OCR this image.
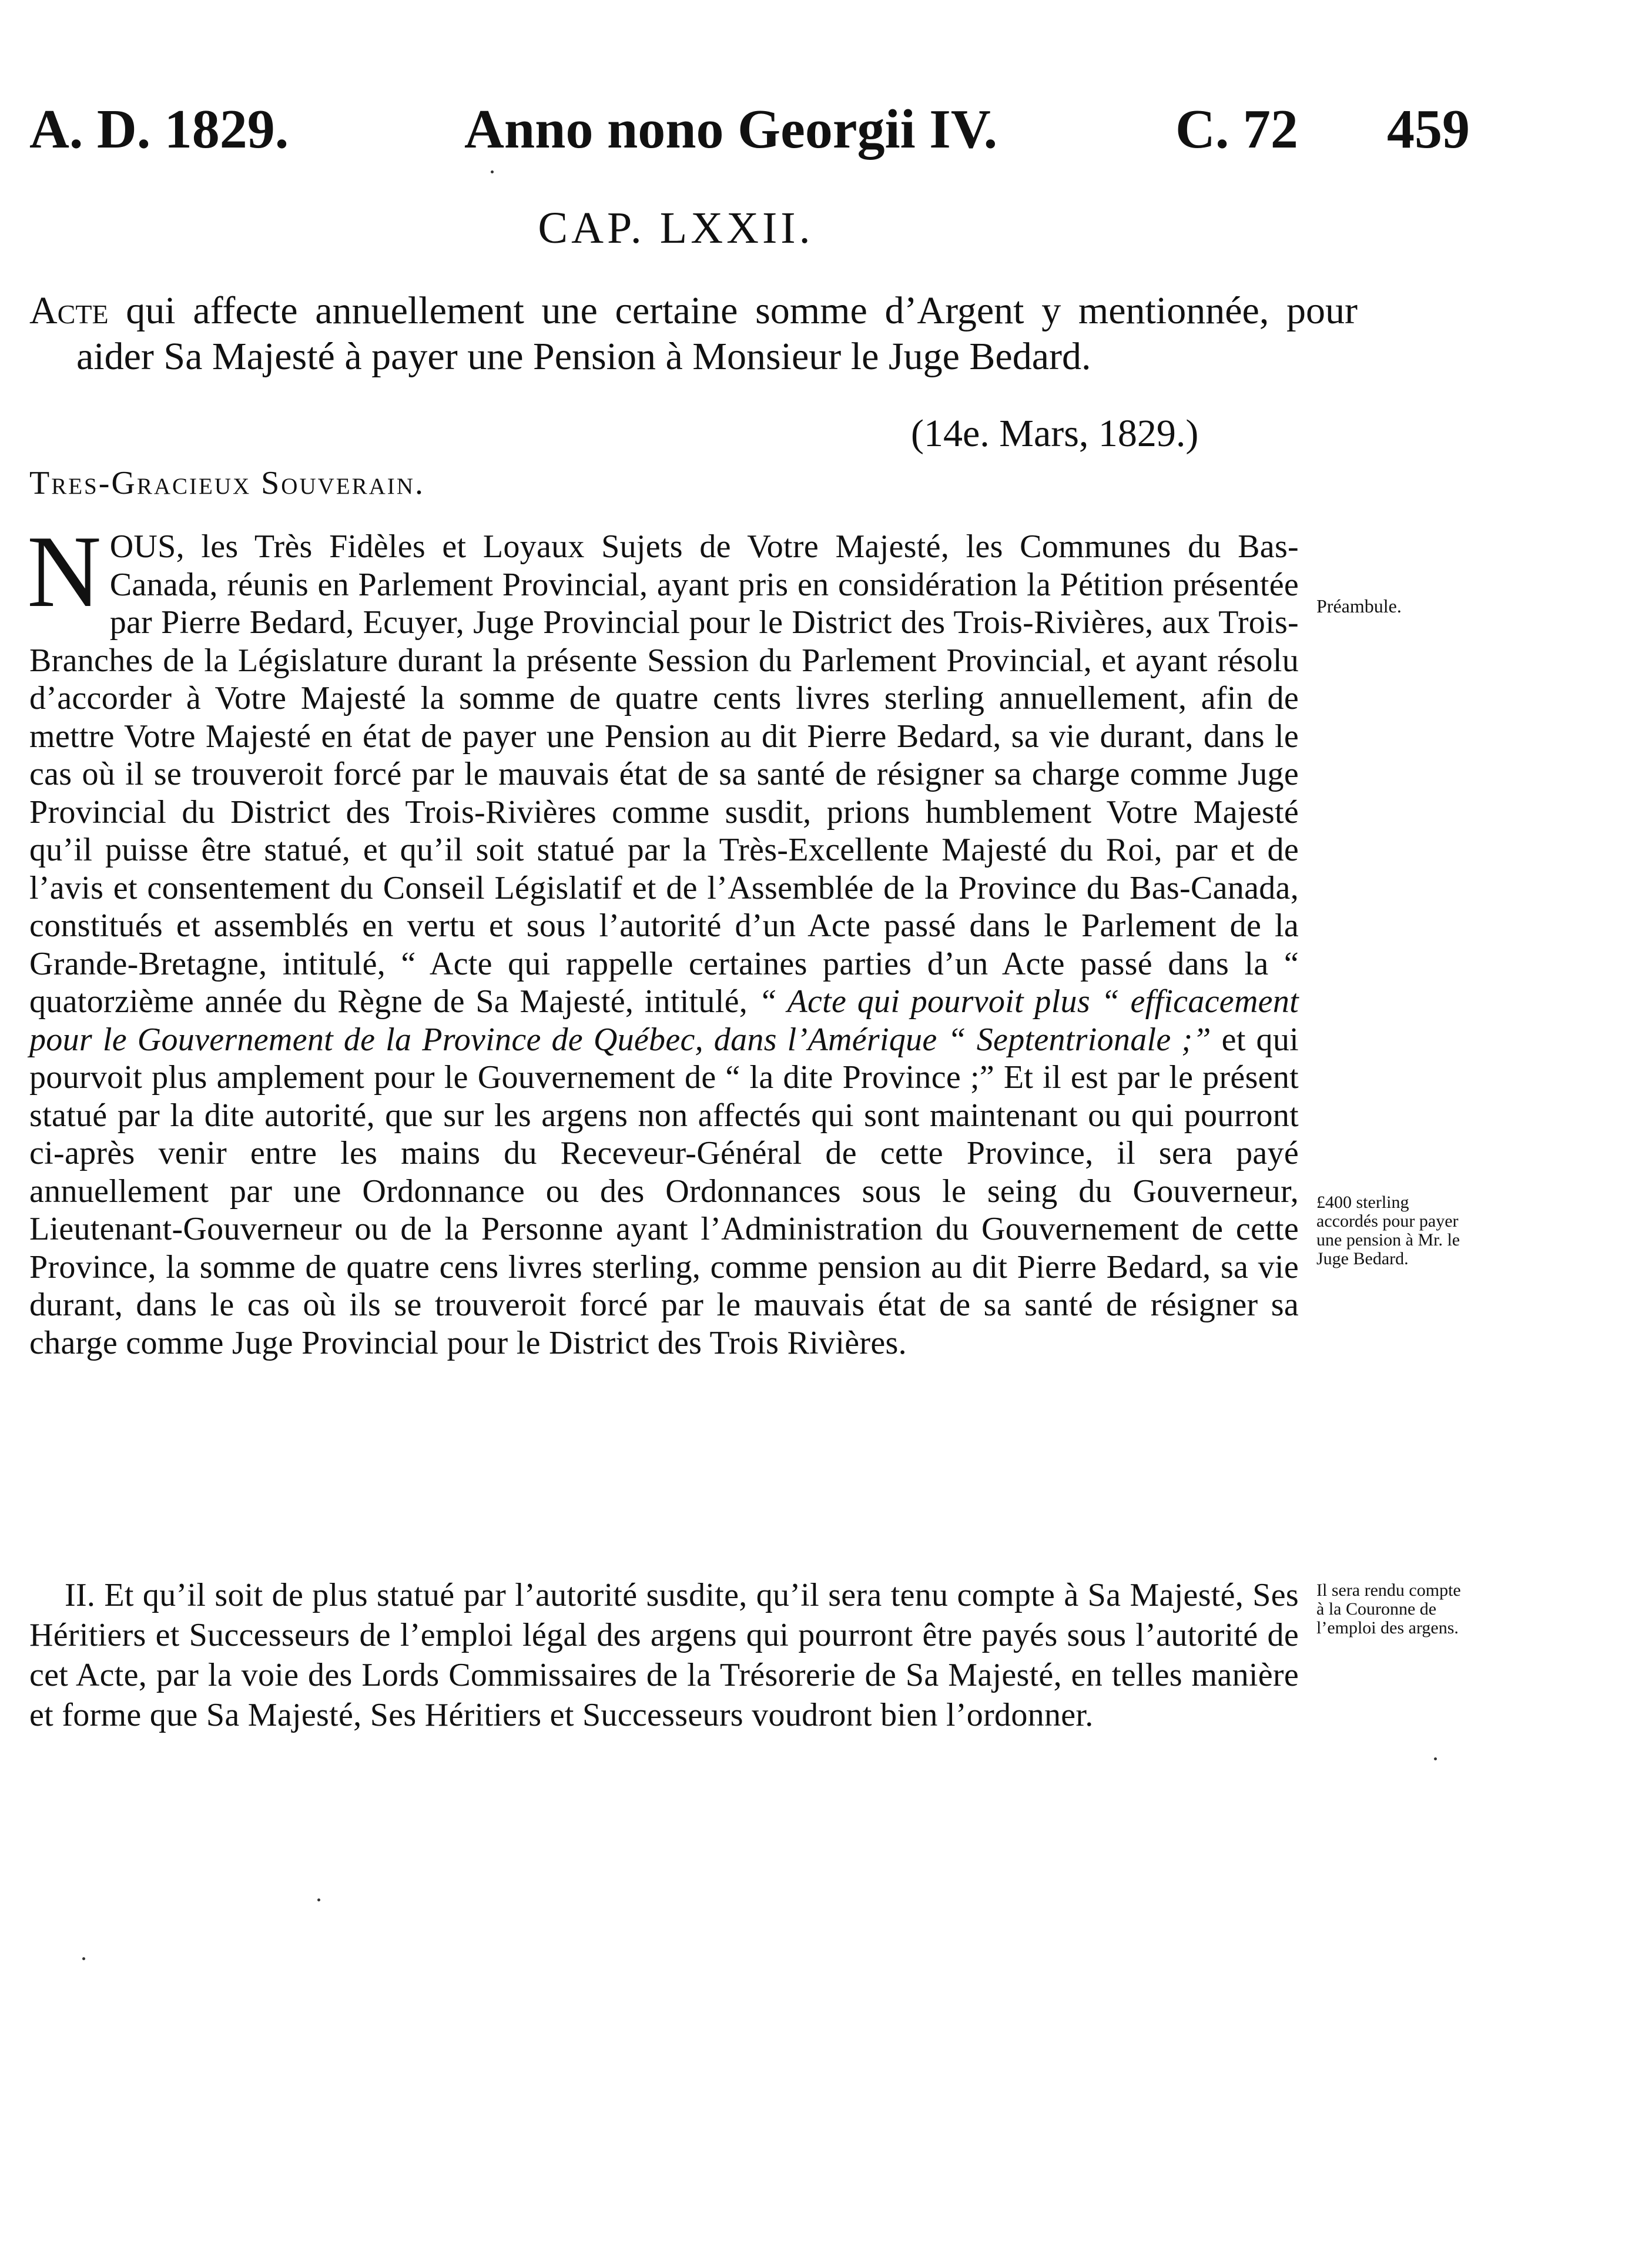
A. D. 1829.	Anno nono Georgii IV.	C. 72 459
CAP. LXXII.
Acte qui affecte annuellement une certaine somme d’Argent y mentionnée, pour aider Sa Majesté à payer une Pension à Monsieur le Juge Bedard.
(14e. Mars, 1829.)
Tres-Gracieux Souverain.
NOUS, les Très Fidèles et Loyaux Sujets de Votre Majesté, les Communes du Bas-Canada, réunis en Parlement Provincial, ayant pris en considération la Pétition présentée par Pierre Bedard, Ecuyer, Juge Provincial pour le District des Trois-Rivières, aux Trois-Branches de la Législature durant la présente Session du Parlement Provincial, et ayant résolu d’accorder à Votre Majesté la somme de quatre cents livres sterling annuellement, afin de mettre Votre Majesté en état de payer une Pension au dit Pierre Bedard, sa vie durant, dans le cas où il se trouveroit forcé par le mauvais état de sa santé de résigner sa charge comme Juge Provincial du District des Trois-Rivières comme susdit, prions humblement Votre Majesté qu’il puisse être statué, et qu’il soit statué par la Très-Excellente Majesté du Roi, par et de l’avis et consentement du Conseil Législatif et de l’Assemblée de la Province du Bas-Canada, constitués et assemblés en vertu et sous l’autorité d’un Acte passé dans le Parlement de la Grande-Bretagne, intitulé, “ Acte qui rappelle certaines parties d’un Acte passé dans la “ quatorzième année du Règne de Sa Majesté, intitulé, “ Acte qui pourvoit plus “ efficacement pour le Gouvernement de la Province de Québec, dans l’Amérique “ Septentrionale ;” et qui pourvoit plus amplement pour le Gouvernement de “ la dite Province ;” Et il est par le présent statué par la dite autorité, que sur les argens non affectés qui sont maintenant ou qui pourront ci-après venir entre les mains du Receveur-Général de cette Province, il sera payé annuellement par une Ordonnance ou des Ordonnances sous le seing du Gouverneur, Lieutenant-Gouverneur ou de la Personne ayant l’Administration du Gouvernement de cette Province, la somme de quatre cens livres sterling, comme pension au dit Pierre Bedard, sa vie durant, dans le cas où ils se trouveroit forcé par le mauvais état de sa santé de résigner sa charge comme Juge Provincial pour le District des Trois Rivières.
II. Et qu’il soit de plus statué par l’autorité susdite, qu’il sera tenu compte à Sa Majesté, Ses Héritiers et Successeurs de l’emploi légal des argens qui pourront être payés sous l’autorité de cet Acte, par la voie des Lords Commissaires de la Trésorerie de Sa Majesté, en telles manière et forme que Sa Majesté, Ses Héritiers et Successeurs voudront bien l’ordonner.
Préambule.
£400 sterling accordés pour payer une pension à Mr. le Juge Bedard.
Il sera rendu compte à la Couronne de l’emploi des argens.
